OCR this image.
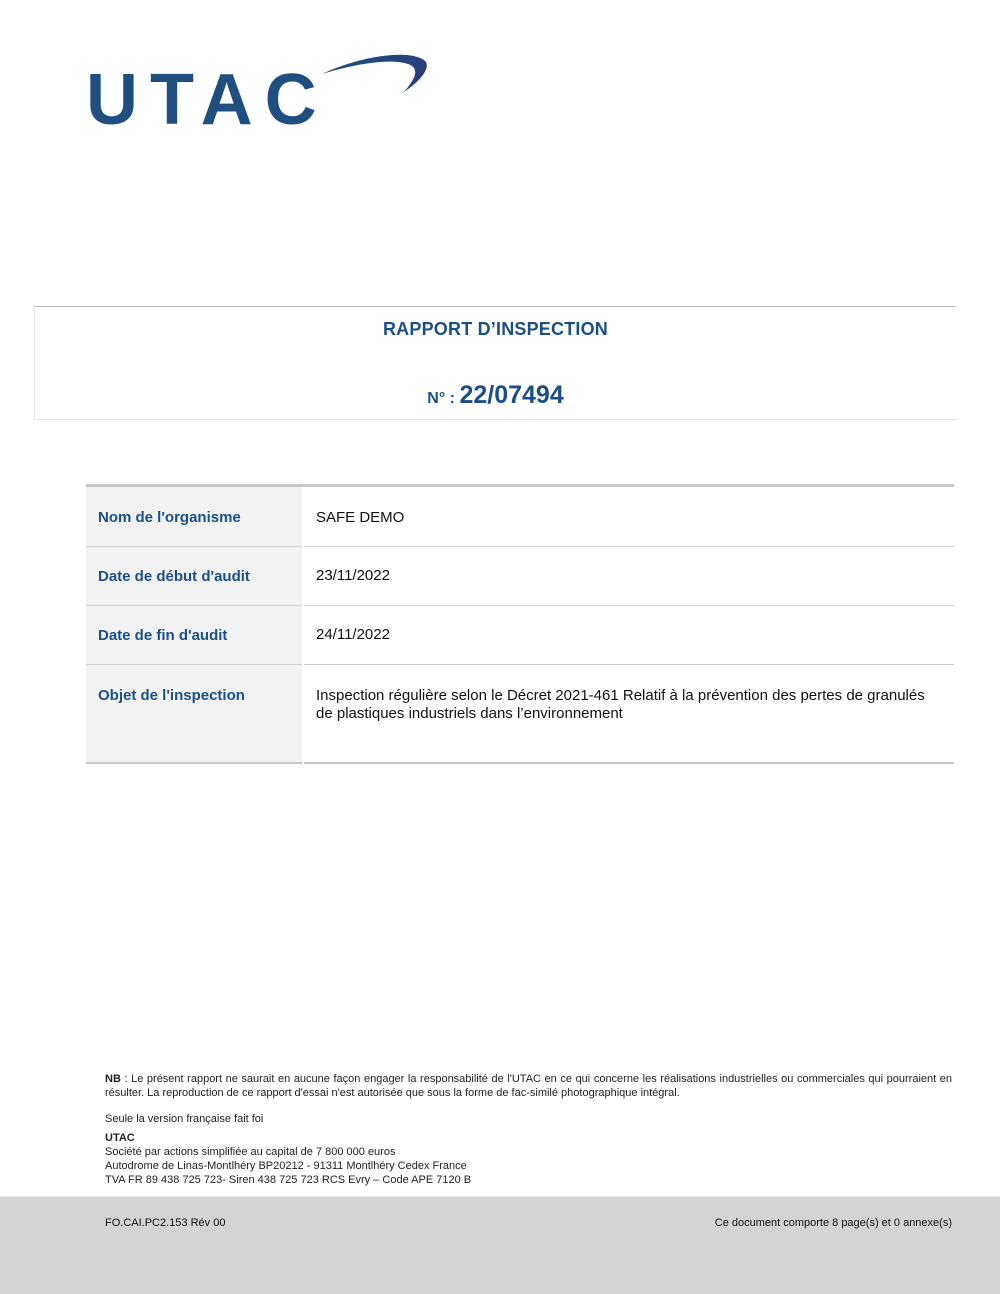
UTAC
RAPPORT D’INSPECTION
N° : 22/07494
Nom de l'organisme	SAFE DEMO
Date de début d'audit	23/11/2022
Date de fin d'audit	24/11/2022
Objet de l'inspection	Inspection régulière selon le Décret 2021-461 Relatif à la prévention des pertes de granulés de plastiques industriels dans l’environnement

NB : Le présent rapport ne saurait en aucune façon engager la responsabilité de l'UTAC en ce qui concerne les réalisations industrielles ou commerciales qui pourraient en résulter. La reproduction de ce rapport d'essai n'est autorisée que sous la forme de fac-similé photographique intégral.

Seule la version française fait foi

UTAC

Société par actions simplifiée au capital de 7 800 000 euros

Autodrome de Linas-Montlhéry BP20212 - 91311 Montlhéry Cedex France

TVA FR 89 438 725 723- Siren 438 725 723 RCS Evry – Code APE 7120 B

FO.CAI.PC2.153 Rév 00	Ce document comporte 8 page(s) et 0 annexe(s)
